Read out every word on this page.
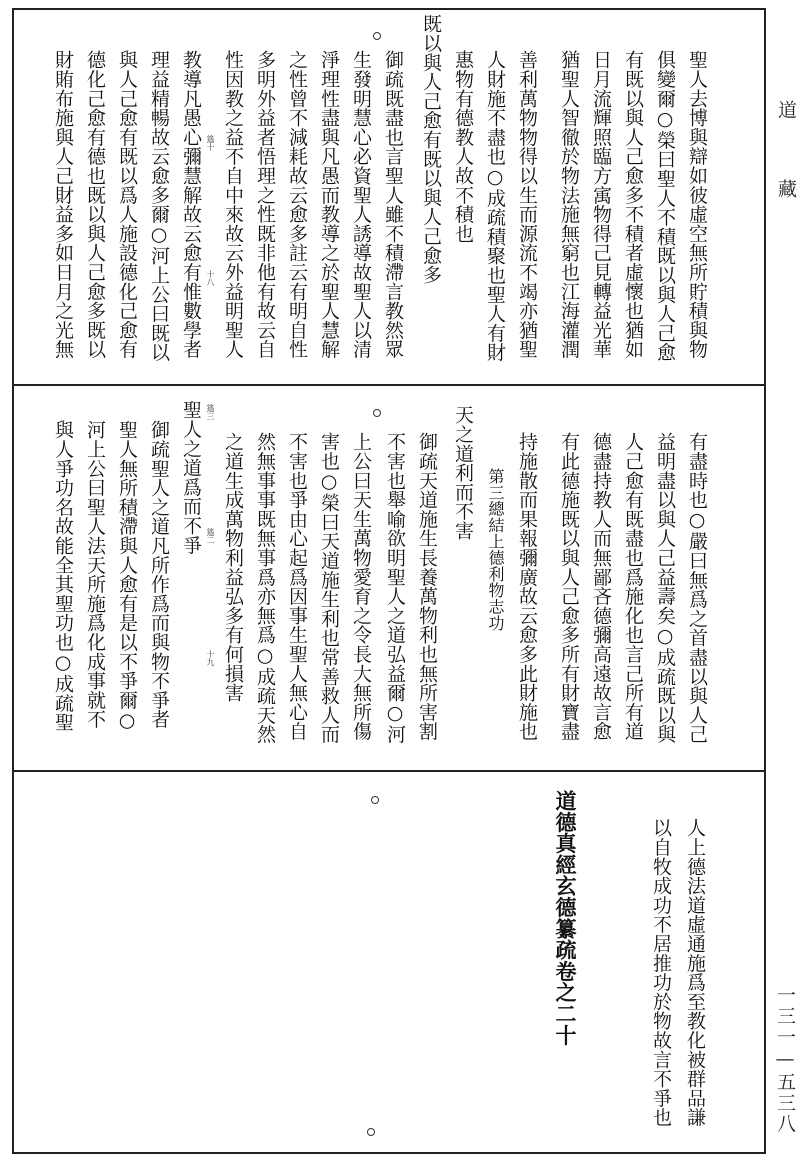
道藏
一三一—五三八
聖人去博與辯如彼虛空無所貯積與物
俱變爾○榮曰聖人不積既以與人己愈
有既以與人己愈多不積者虛懷也猶如
日月流輝照臨方㝢物得己見轉益光華
猶聖人智徹於物法施無窮也江海灌潤
善利萬物物得以生而源流不竭亦猶聖
人財施不盡也○成疏積聚也聖人有財
惠物有德教人故不積也
既以與人己愈有既以與人己愈多
御疏既盡也言聖人雖不積滯言教然眾
生發明慧心必資聖人誘導故聖人以清
淨理性盡與凡愚而教導之於聖人慧解
之性曾不減耗故云愈多註云有明自性
多明外益者悟理之性既非他有故云自
性因教之益不自中來故云外益明聖人
教導凡愚心彌慧解故云愈有惟數學者
理益精暢故云愈多爾○河上公曰既以
與人己愈有既以爲人施設德化己愈有
德化己愈有德也既以與人己愈多既以
財賄布施與人己財益多如日月之光無	簉十
十八
有盡時也○嚴曰無爲之首盡以與人己
益明盡以與人己益壽矣○成疏既以與
人己愈有既盡也爲施化也言己所有道
德盡持教人而無鄙吝德彌高遠故言愈
有此德施既以與人己愈多所有財寶盡
持施散而果報彌廣故云愈多此財施也
第三總結上德利物志功
天之道利而不害
御疏天道施生長養萬物利也無所害割
不害也舉喻欲明聖人之道弘益爾○河
上公曰天生萬物愛育之令長大無所傷
害也○榮曰天道施生利也常善救人而
不害也爭由心起爲因事生聖人無心自
然無事事既無事爲亦無爲○成疏天然
之道生成萬物利益弘多有何損害
聖人之道爲而不爭
御疏聖人之道凡所作爲而與物不爭者
聖人無所積滯與人愈有是以不爭爾○
河上公曰聖人法天所施爲化成事就不
與人爭功名故能全其聖功也○成疏聖	簉二
十九
簉三
人上德法道虛通施爲至教化被群品謙
以自牧成功不居推功於物故言不爭也
道德真經玄德纂疏卷之二十
